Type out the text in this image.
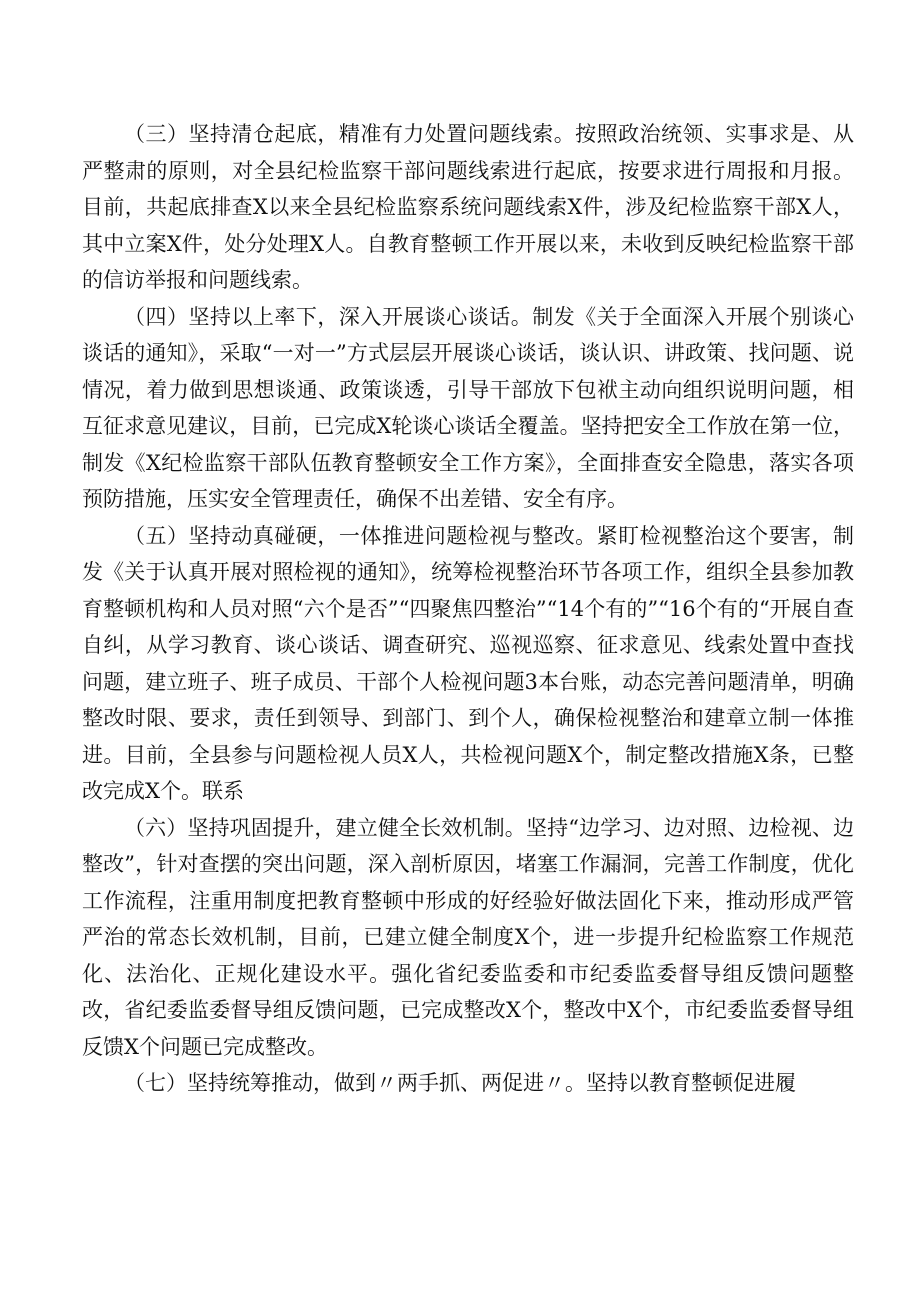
（三）坚持清仓起底，精准有力处置问题线索。按照政治统领、实事求是、从严整肃的原则，对全县纪检监察干部问题线索进行起底，按要求进行周报和月报。目前，共起底排查X以来全县纪检监察系统问题线索X件，涉及纪检监察干部X人，其中立案X件，处分处理X人。自教育整顿工作开展以来，未收到反映纪检监察干部的信访举报和问题线索。

（四）坚持以上率下，深入开展谈心谈话。制发《关于全面深入开展个别谈心谈话的通知》，采取“一对一”方式层层开展谈心谈话，谈认识、讲政策、找问题、说情况，着力做到思想谈通、政策谈透，引导干部放下包袱主动向组织说明问题，相互征求意见建议，目前，已完成X轮谈心谈话全覆盖。坚持把安全工作放在第一位，制发《X纪检监察干部队伍教育整顿安全工作方案》，全面排查安全隐患，落实各项预防措施，压实安全管理责任，确保不出差错、安全有序。

（五）坚持动真碰硬，一体推进问题检视与整改。紧盯检视整治这个要害，制发《关于认真开展对照检视的通知》，统筹检视整治环节各项工作，组织全县参加教育整顿机构和人员对照“六个是否”“四聚焦四整治”“14个有的”“16个有的“开展自查自纠，从学习教育、谈心谈话、调查研究、巡视巡察、征求意见、线索处置中查找问题，建立班子、班子成员、干部个人检视问题3本台账，动态完善问题清单，明确整改时限、要求，责任到领导、到部门、到个人，确保检视整治和建章立制一体推进。目前，全县参与问题检视人员X人，共检视问题X个，制定整改措施X条，已整改完成X个。联系

（六）坚持巩固提升，建立健全长效机制。坚持“边学习、边对照、边检视、边整改”，针对查摆的突出问题，深入剖析原因，堵塞工作漏洞，完善工作制度，优化工作流程，注重用制度把教育整顿中形成的好经验好做法固化下来，推动形成严管严治的常态长效机制，目前，已建立健全制度X个，进一步提升纪检监察工作规范化、法治化、正规化建设水平。强化省纪委监委和市纪委监委督导组反馈问题整改，省纪委监委督导组反馈问题，已完成整改X个，整改中X个，市纪委监委督导组反馈X个问题已完成整改。

（七）坚持统筹推动，做到〃两手抓、两促进〃。坚持以教育整顿促进履
